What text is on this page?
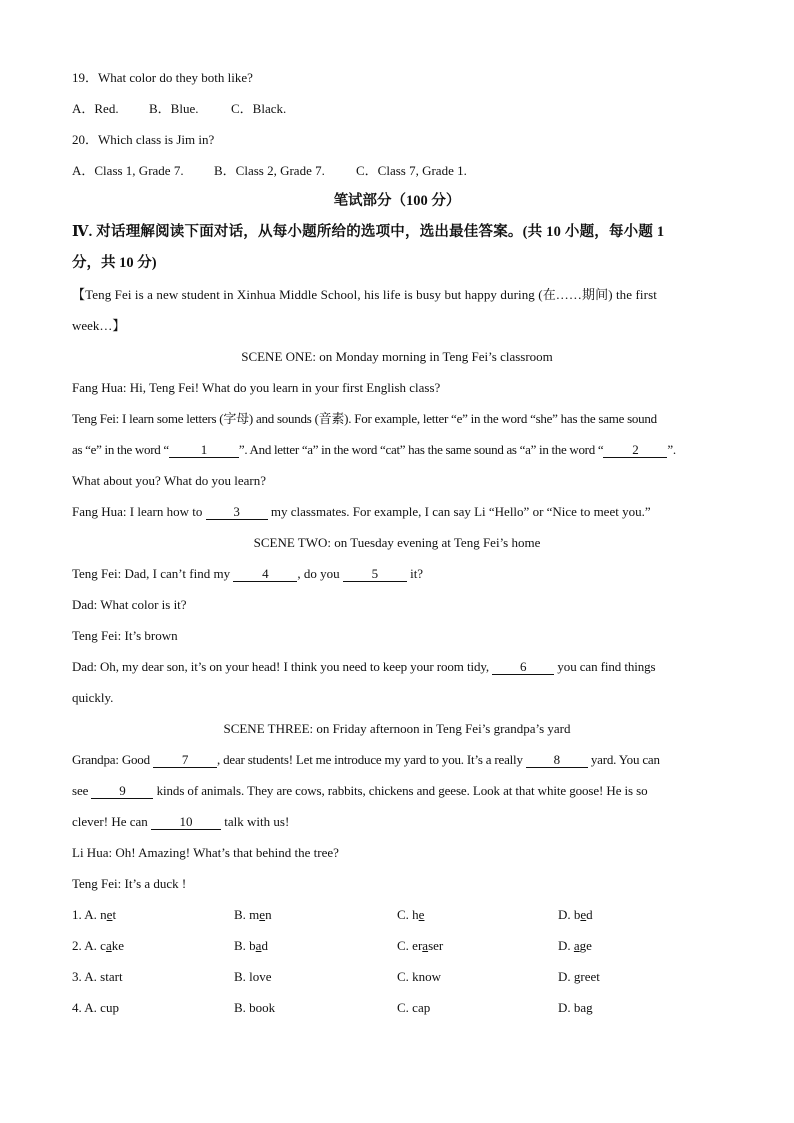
19．What color do they both like?
A．Red. B．Blue.	C．Black.
20．Which class is Jim in?
A．Class 1, Grade 7. B．Class 2, Grade 7. C．Class 7, Grade 1.
笔试部分（100 分）
Ⅳ. 对话理解阅读下面对话，从每小题所给的选项中，选出最佳答案。(共 10 小题，每小题 1
分，共 10 分)
【Teng Fei is a new student in Xinhua Middle School, his life is busy but happy during (在……期间) the first
week…】
SCENE ONE: on Monday morning in Teng Fei’s classroom
Fang Hua: Hi, Teng Fei! What do you learn in your first English class?
Teng Fei: I learn some letters (字母) and sounds (音素). For example, letter “e” in the word “she” has the same sound
as “e” in the word “ 1 ”. And letter “a” in the word “cat” has the same sound as “a” in the word “ 2 ”.
What about you? What do you learn?
Fang Hua: I learn how to 3 my classmates. For example, I can say Li “Hello” or “Nice to meet you.”
SCENE TWO: on Tuesday evening at Teng Fei’s home
Teng Fei: Dad, I can’t find my 4 , do you 5 it?
Dad: What color is it?
Teng Fei: It’s brown
Dad: Oh, my dear son, it’s on your head! I think you need to keep your room tidy, 6 you can find things
quickly.
SCENE THREE: on Friday afternoon in Teng Fei’s grandpa’s yard
Grandpa: Good 7 , dear students! Let me introduce my yard to you. It’s a really 8 yard. You can
see 9 kinds of animals. They are cows, rabbits, chickens and geese. Look at that white goose! He is so
clever! He can 10 talk with us!
Li Hua: Oh! Amazing! What’s that behind the tree?
Teng Fei: It’s a duck !
1. A. net	B. men	C. he	D. bed
2. A. cake	B. bad	C. eraser	D. age
3. A. start	B. love	C. know	D. greet
4. A. cup	B. book	C. cap	D. bag
